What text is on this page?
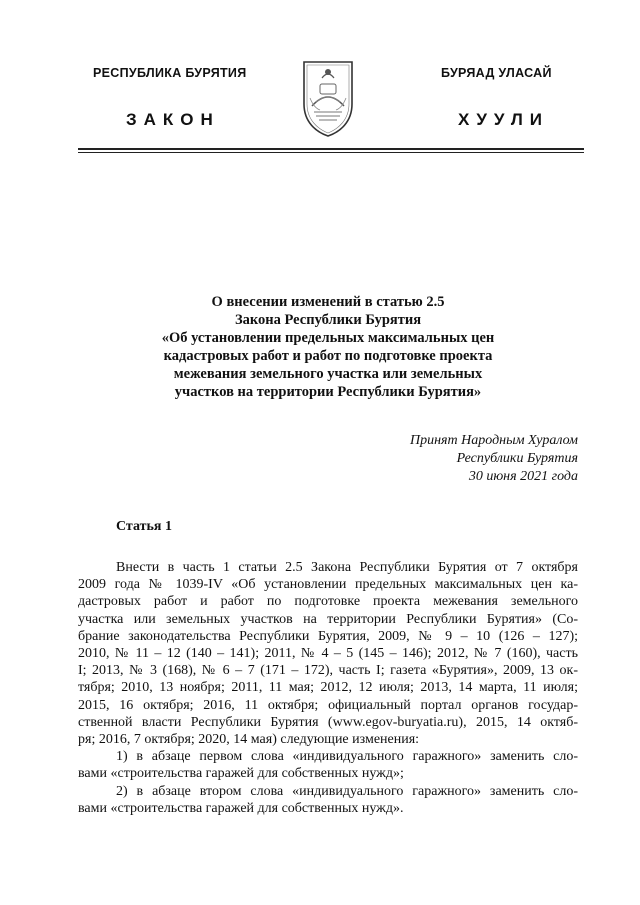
РЕСПУБЛИКА БУРЯТИЯ	БУРЯАД УЛАСАЙ
ЗАКОН	ХУУЛИ
О внесении изменений в статью 2.5
Закона Республики Бурятия
«Об установлении предельных максимальных цен
кадастровых работ и работ по подготовке проекта
межевания земельного участка или земельных
участков на территории Республики Бурятия»
Принят Народным Хуралом
Республики Бурятия
30 июня 2021 года
Статья 1
Внести в часть 1 статьи 2.5 Закона Республики Бурятия от 7 октября
2009 года № 1039-IV «Об установлении предельных максимальных цен ка-
дастровых работ и работ по подготовке проекта межевания земельного
участка или земельных участков на территории Республики Бурятия» (Со-
брание законодательства Республики Бурятия, 2009, № 9 – 10 (126 – 127);
2010, № 11 – 12 (140 – 141); 2011, № 4 – 5 (145 – 146); 2012, № 7 (160), часть
I; 2013, № 3 (168), № 6 – 7 (171 – 172), часть I; газета «Бурятия», 2009, 13 ок-
тября; 2010, 13 ноября; 2011, 11 мая; 2012, 12 июля; 2013, 14 марта, 11 июля;
2015, 16 октября; 2016, 11 октября; официальный портал органов государ-
ственной власти Республики Бурятия (www.egov-buryatia.ru), 2015, 14 октяб-
ря; 2016, 7 октября; 2020, 14 мая) следующие изменения:
1) в абзаце первом слова «индивидуального гаражного» заменить сло-
вами «строительства гаражей для собственных нужд»;
2) в абзаце втором слова «индивидуального гаражного» заменить сло-
вами «строительства гаражей для собственных нужд».
